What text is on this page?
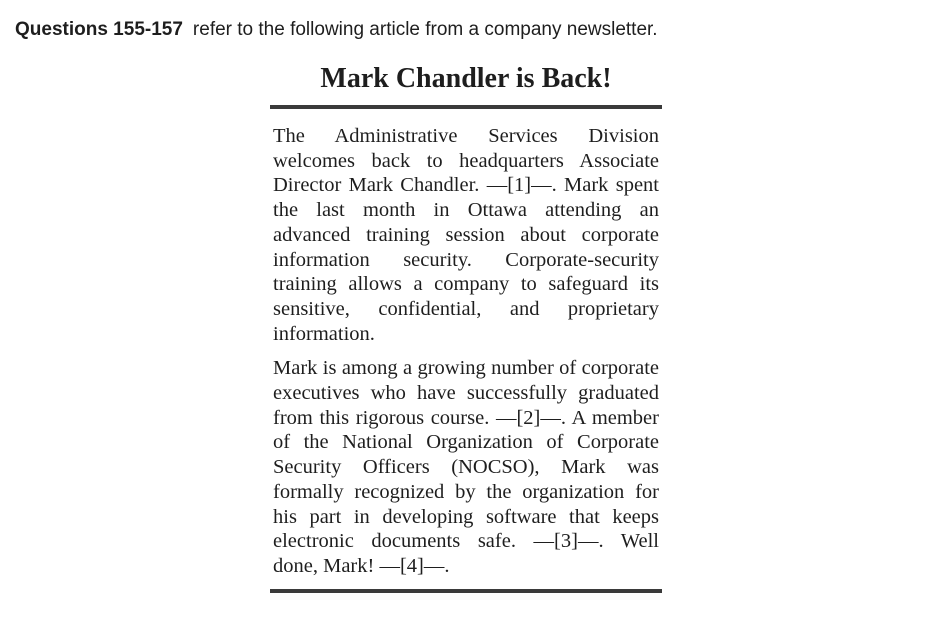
Questions 155-157 refer to the following article from a company newsletter.
Mark Chandler is Back!

The Administrative Services Division welcomes back to headquarters Associate Director Mark Chandler. —[1]—. Mark spent the last month in Ottawa attending an advanced training session about corporate information security. Corporate-security training allows a company to safeguard its sensitive, confidential, and proprietary information.

Mark is among a growing number of corporate executives who have successfully graduated from this rigorous course. —[2]—. A member of the National Organization of Corporate Security Officers (NOCSO), Mark was formally recognized by the organization for his part in developing software that keeps electronic documents safe. —[3]—. Well done, Mark! —[4]—.
